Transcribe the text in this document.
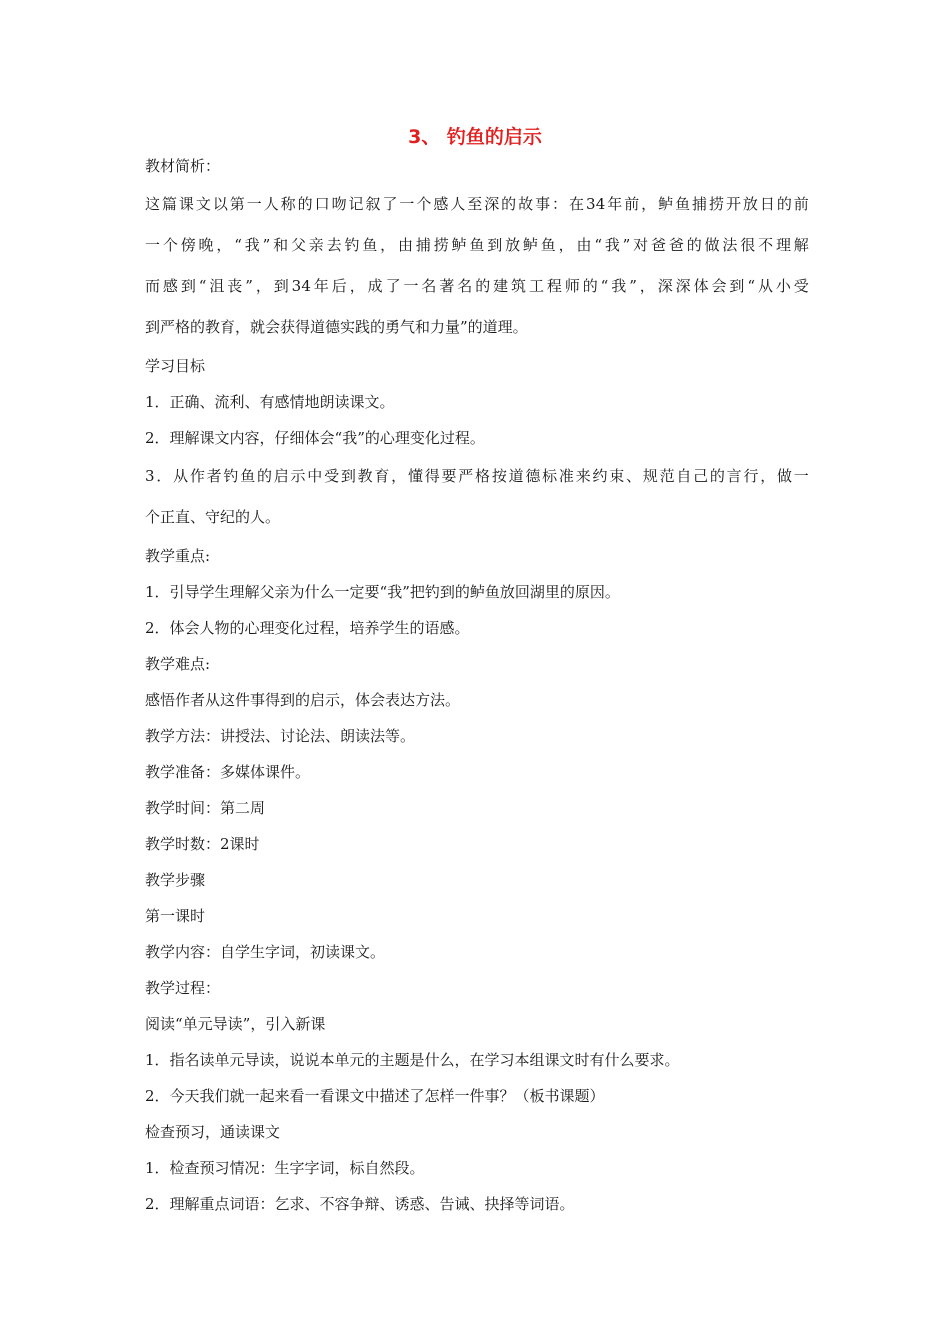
3、 钓鱼的启示
教材简析：
这篇课文以第一人称的口吻记叙了一个感人至深的故事：在34年前，鲈鱼捕捞开放日的前
一个傍晚，“我”和父亲去钓鱼，由捕捞鲈鱼到放鲈鱼，由“我”对爸爸的做法很不理解
而感到“沮丧”，到34年后，成了一名著名的建筑工程师的“我”，深深体会到“从小受
到严格的教育，就会获得道德实践的勇气和力量”的道理。
学习目标
1．正确、流利、有感情地朗读课文。
2．理解课文内容，仔细体会“我”的心理变化过程。
3．从作者钓鱼的启示中受到教育，懂得要严格按道德标准来约束、规范自己的言行，做一
个正直、守纪的人。
教学重点:
1．引导学生理解父亲为什么一定要“我”把钓到的鲈鱼放回湖里的原因。
2．体会人物的心理变化过程，培养学生的语感。
教学难点:
感悟作者从这件事得到的启示，体会表达方法。
教学方法：讲授法、讨论法、朗读法等。
教学准备：多媒体课件。
教学时间：第二周
教学时数：2课时
教学步骤
第一课时
教学内容：自学生字词，初读课文。
教学过程：
阅读“单元导读”，引入新课
1．指名读单元导读，说说本单元的主题是什么，在学习本组课文时有什么要求。
2．今天我们就一起来看一看课文中描述了怎样一件事？（板书课题）
检查预习，通读课文
1．检查预习情况：生字字词，标自然段。
2．理解重点词语：乞求、不容争辩、诱惑、告诫、抉择等词语。
